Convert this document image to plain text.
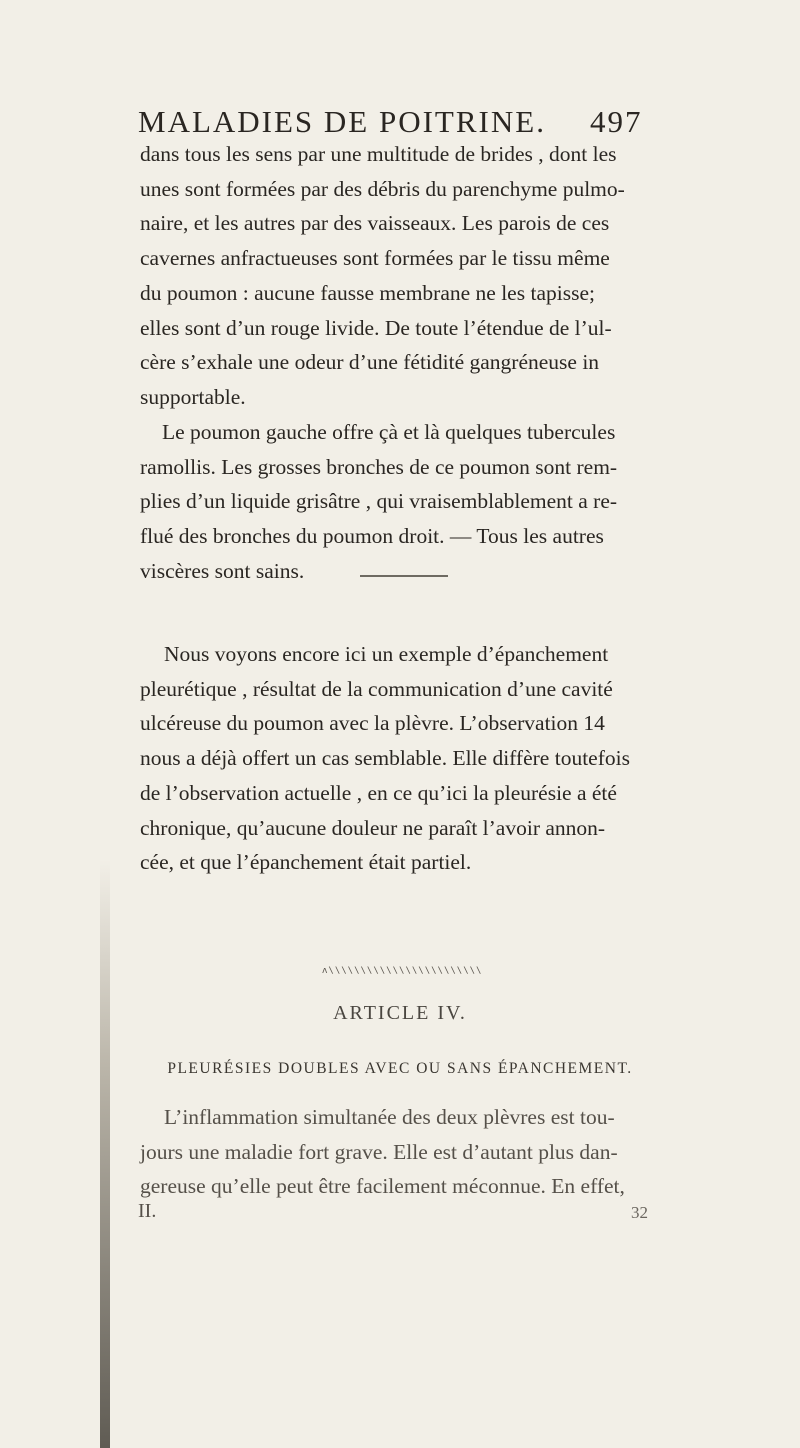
MALADIES DE POITRINE. 497
dans tous les sens par une multitude de brides , dont les
unes sont formées par des débris du parenchyme pulmo-
naire, et les autres par des vaisseaux. Les parois de ces
cavernes anfractueuses sont formées par le tissu même
du poumon : aucune fausse membrane ne les tapisse;
elles sont d’un rouge livide. De toute l’étendue de l’ul-
cère s’exhale une odeur d’une fétidité gangréneuse in
supportable.
Le poumon gauche offre çà et là quelques tubercules
ramollis. Les grosses bronches de ce poumon sont rem-
plies d’un liquide grisâtre , qui vraisemblablement a re-
flué des bronches du poumon droit. — Tous les autres
viscères sont sains.
Nous voyons encore ici un exemple d’épanchement
pleurétique , résultat de la communication d’une cavité
ulcéreuse du poumon avec la plèvre. L’observation 14
nous a déjà offert un cas semblable. Elle diffère toutefois
de l’observation actuelle , en ce qu’ici la pleurésie a été
chronique, qu’aucune douleur ne paraît l’avoir annon-
cée, et que l’épanchement était partiel.
ʌ\\\\\\\\\\\\\\\\\\\\\\\\
ARTICLE IV.
PLEURÉSIES DOUBLES AVEC OU SANS ÉPANCHEMENT.
L’inflammation simultanée des deux plèvres est tou-
jours une maladie fort grave. Elle est d’autant plus dan-
gereuse qu’elle peut être facilement méconnue. En effet,
II.	32
